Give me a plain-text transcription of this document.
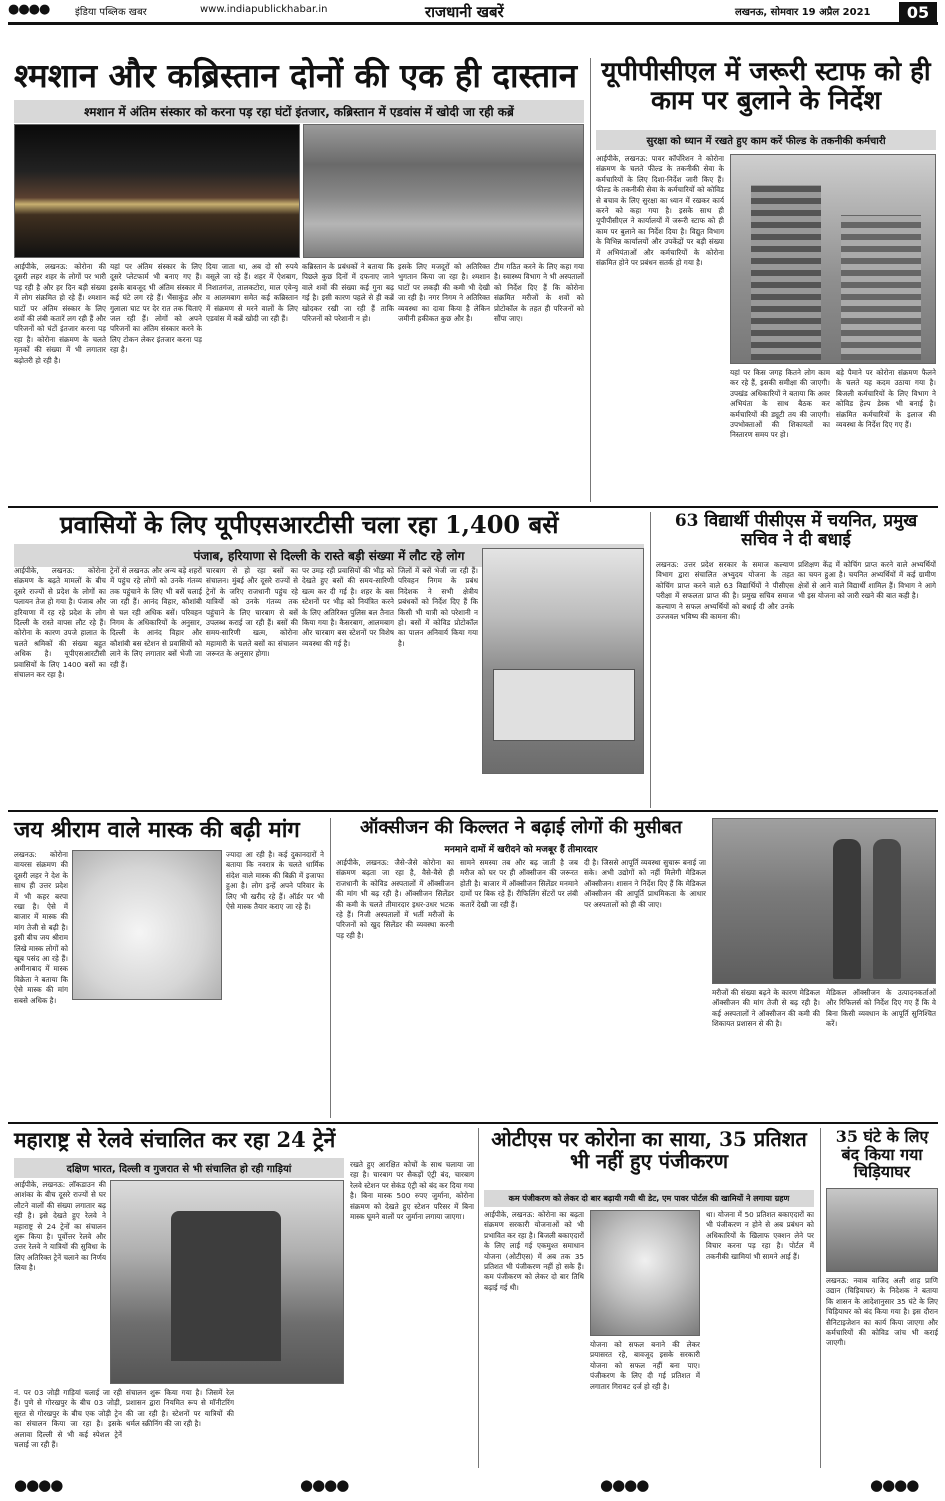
●●●●	इंडिया पब्लिक खबर	www.indiapublickhabar.in	राजधानी खबरें	लखनऊ, सोमवार 19 अप्रैल 2021	05
श्मशान और कब्रिस्तान दोनों की एक ही दास्तान
श्मशान में अंतिम संस्कार को करना पड़ रहा घंटों इंतजार, कब्रिस्तान में एडवांस में खोदी जा रही कब्रें
आईपीके, लखनऊ: कोरोना की दूसरी लहर शहर के लोगों पर भारी पड़ रही है और हर दिन बड़ी संख्या में लोग संक्रमित हो रहे हैं। श्मशान घाटों पर अंतिम संस्कार के लिए शवों की लंबी कतारें लग रही हैं और परिजनों को घंटों इंतजार करना पड़ रहा है। कोरोना संक्रमण के चलते मृतकों की संख्या में भी लगातार बढ़ोतरी हो रही है।
यहां पर अंतिम संस्कार के लिए दूसरे प्लेटफार्म भी बनाए गए हैं। इसके बावजूद भी अंतिम संस्कार में कई घंटे लग रहे हैं। भैंसाकुंड और गुलाला घाट पर देर रात तक चिताएं जल रही हैं। लोगों को अपने परिजनों का अंतिम संस्कार करने के लिए टोकन लेकर इंतजार करना पड़ रहा है।
दिया जाता था, अब दो सौ रुपये वसूले जा रहे हैं। शहर में ऐशबाग, निशातगंज, तालकटोरा, माल एवेन्यू व आलमबाग समेत कई कब्रिस्तान में संक्रमण से मरने वालों के लिए एडवांस में कब्रें खोदी जा रही हैं।
कब्रिस्तान के प्रबंधकों ने बताया कि पिछले कुछ दिनों में दफनाए जाने वाले शवों की संख्या कई गुना बढ़ गई है। इसी कारण पहले से ही कब्रें खोदकर रखी जा रही हैं ताकि परिजनों को परेशानी न हो।
इसके लिए मजदूरों को अतिरिक्त भुगतान किया जा रहा है। श्मशान घाटों पर लकड़ी की कमी भी देखी जा रही है। नगर निगम ने अतिरिक्त व्यवस्था का दावा किया है लेकिन जमीनी हकीकत कुछ और है।
टीम गठित करने के लिए कहा गया है। स्वास्थ्य विभाग ने भी अस्पतालों को निर्देश दिए हैं कि कोरोना संक्रमित मरीजों के शवों को प्रोटोकॉल के तहत ही परिजनों को सौंपा जाए।
यूपीपीसीएल में जरूरी स्टाफ को ही काम पर बुलाने के निर्देश
सुरक्षा को ध्यान में रखते हुए काम करें फील्ड के तकनीकी कर्मचारी
आईपीके, लखनऊ: पावर कॉर्पोरेशन ने कोरोना संक्रमण के चलते फील्ड के तकनीकी सेवा के कर्मचारियों के लिए दिशा-निर्देश जारी किए हैं। फील्ड के तकनीकी सेवा के कर्मचारियों को कोविड से बचाव के लिए सुरक्षा का ध्यान में रखकर कार्य करने को कहा गया है। इसके साथ ही यूपीपीसीएल ने कार्यालयों में जरूरी स्टाफ को ही काम पर बुलाने का निर्देश दिया है। विद्युत विभाग के विभिन्न कार्यालयों और उपकेंद्रों पर बड़ी संख्या में अभियंताओं और कर्मचारियों के कोरोना संक्रमित होने पर प्रबंधन सतर्क हो गया है।
यहां पर किस जगह कितने लोग काम कर रहे हैं, इसकी समीक्षा की जाएगी। उपखंड अधिकारियों ने बताया कि अवर अभियंता के साथ बैठक कर कर्मचारियों की ड्यूटी तय की जाएगी। उपभोक्ताओं की शिकायतों का निस्तारण समय पर हो।
बड़े पैमाने पर कोरोना संक्रमण फैलने के चलते यह कदम उठाया गया है। बिजली कर्मचारियों के लिए विभाग ने कोविड हेल्प डेस्क भी बनाई है। संक्रमित कर्मचारियों के इलाज की व्यवस्था के निर्देश दिए गए हैं।
प्रवासियों के लिए यूपीएसआरटीसी चला रहा 1,400 बसें
पंजाब, हरियाणा से दिल्ली के रास्ते बड़ी संख्या में लौट रहे लोग
आईपीके, लखनऊ: कोरोना संक्रमण के बढ़ते मामलों के बीच दूसरे राज्यों से प्रदेश के लोगों का पलायन तेज हो गया है। पंजाब और हरियाणा में रह रहे प्रदेश के लोग दिल्ली के रास्ते वापस लौट रहे हैं। कोरोना के कारण उपजे हालात के चलते श्रमिकों की संख्या बहुत अधिक है। यूपीएसआरटीसी प्रवासियों के लिए 1400 बसों का संचालन कर रहा है।
ट्रेनों से लखनऊ और अन्य बड़े शहरों में पहुंच रहे लोगों को उनके गंतव्य तक पहुंचाने के लिए भी बसें चलाई जा रही हैं। आनंद विहार, कौशांबी से चल रही अधिक बसें। परिवहन निगम के अधिकारियों के अनुसार, दिल्ली के आनंद विहार और कौशांबी बस स्टेशन से प्रवासियों को लाने के लिए लगातार बसें भेजी जा रही हैं।
चारबाग से हो रहा बसों का संचालन। मुंबई और दूसरे राज्यों से ट्रेनों के जरिए राजधानी पहुंच रहे यात्रियों को उनके गंतव्य तक पहुंचाने के लिए चारबाग से बसें उपलब्ध कराई जा रही हैं। बसों की समय-सारिणी खत्म, कोरोना महामारी के चलते बसों का संचालन जरूरत के अनुसार होगा।
पर उमड़ रही प्रवासियों की भीड़ को देखते हुए बसों की समय-सारिणी खत्म कर दी गई है। शहर के बस स्टेशनों पर भीड़ को नियंत्रित करने के लिए अतिरिक्त पुलिस बल तैनात किया गया है। कैसरबाग, आलमबाग और चारबाग बस स्टेशनों पर विशेष व्यवस्था की गई है।
जिलों में बसें भेजी जा रही हैं। परिवहन निगम के प्रबंध निदेशक ने सभी क्षेत्रीय प्रबंधकों को निर्देश दिए हैं कि किसी भी यात्री को परेशानी न हो। बसों में कोविड प्रोटोकॉल का पालन अनिवार्य किया गया है।
63 विद्यार्थी पीसीएस में चयनित, प्रमुख सचिव ने दी बधाई
लखनऊ: उत्तर प्रदेश सरकार के समाज कल्याण विभाग द्वारा संचालित अभ्युदय योजना के तहत कोचिंग प्राप्त करने वाले 63 विद्यार्थियों ने पीसीएस परीक्षा में सफलता प्राप्त की है। प्रमुख सचिव समाज कल्याण ने सफल अभ्यर्थियों को बधाई दी और उनके उज्जवल भविष्य की कामना की।
प्रशिक्षण केंद्र में कोचिंग प्राप्त करने वाले अभ्यर्थियों का चयन हुआ है। चयनित अभ्यर्थियों में कई ग्रामीण क्षेत्रों से आने वाले विद्यार्थी शामिल हैं। विभाग ने आगे भी इस योजना को जारी रखने की बात कही है।
जय श्रीराम वाले मास्क की बढ़ी मांग
लखनऊ: कोरोना वायरस संक्रमण की दूसरी लहर ने देश के साथ ही उत्तर प्रदेश में भी कहर बरपा रखा है। ऐसे में बाजार में मास्क की मांग तेजी से बढ़ी है। इसी बीच जय श्रीराम लिखे मास्क लोगों को खूब पसंद आ रहे हैं। अमीनाबाद में मास्क विक्रेता ने बताया कि ऐसे मास्क की मांग सबसे अधिक है।
ज्यादा आ रही है। कई दुकानदारों ने बताया कि नवरात्र के चलते धार्मिक संदेश वाले मास्क की बिक्री में इजाफा हुआ है। लोग इन्हें अपने परिवार के लिए भी खरीद रहे हैं। ऑर्डर पर भी ऐसे मास्क तैयार कराए जा रहे हैं।
ऑक्सीजन की किल्लत ने बढ़ाई लोगों की मुसीबत
मनमाने दामों में खरीदने को मजबूर हैं तीमारदार
आईपीके, लखनऊ: जैसे-जैसे कोरोना का संक्रमण बढ़ता जा रहा है, वैसे-वैसे ही राजधानी के कोविड अस्पतालों में ऑक्सीजन की मांग भी बढ़ रही है। ऑक्सीजन सिलेंडर की कमी के चलते तीमारदार इधर-उधर भटक रहे हैं। निजी अस्पतालों में भर्ती मरीजों के परिजनों को खुद सिलेंडर की व्यवस्था करनी पड़ रही है।
सामने समस्या तब और बढ़ जाती है जब मरीज को घर पर ही ऑक्सीजन की जरूरत होती है। बाजार में ऑक्सीजन सिलेंडर मनमाने दामों पर बिक रहे हैं। रीफिलिंग सेंटरों पर लंबी कतारें देखी जा रही हैं।
दी है। जिससे आपूर्ति व्यवस्था सुचारू बनाई जा सके। अभी उद्योगों को नहीं मिलेगी मेडिकल ऑक्सीजन। शासन ने निर्देश दिए हैं कि मेडिकल ऑक्सीजन की आपूर्ति प्राथमिकता के आधार पर अस्पतालों को ही की जाए।
मरीजों की संख्या बढ़ने के कारण मेडिकल ऑक्सीजन की मांग तेजी से बढ़ रही है। कई अस्पतालों ने ऑक्सीजन की कमी की शिकायत प्रशासन से की है।
मेडिकल ऑक्सीजन के उत्पादनकर्ताओं और रिफिलर्स को निर्देश दिए गए हैं कि वे बिना किसी व्यवधान के आपूर्ति सुनिश्चित करें।
महाराष्ट्र से रेलवे संचालित कर रहा 24 ट्रेनें
दक्षिण भारत, दिल्ली व गुजरात से भी संचालित हो रही गाड़ियां
आईपीके, लखनऊ: लॉकडाउन की आशंका के बीच दूसरे राज्यों से घर लौटने वालों की संख्या लगातार बढ़ रही है। इसे देखते हुए रेलवे ने महाराष्ट्र से 24 ट्रेनों का संचालन शुरू किया है। पूर्वोत्तर रेलवे और उत्तर रेलवे ने यात्रियों की सुविधा के लिए अतिरिक्त ट्रेनें चलाने का निर्णय लिया है।
नं. पर 03 जोड़ी गाड़ियां चलाई जा रही हैं। पुणे से गोरखपुर के बीच 03 जोड़ी, सूरत से गोरखपुर के बीच एक जोड़ी ट्रेन का संचालन किया जा रहा है। इसके अलावा दिल्ली से भी कई स्पेशल ट्रेनें चलाई जा रही हैं।
संचालन शुरू किया गया है। जिसमें रेल प्रशासन द्वारा नियमित रूप से मॉनीटरिंग की जा रही है। स्टेशनों पर यात्रियों की थर्मल स्क्रीनिंग की जा रही है।
रखते हुए आरक्षित कोचों के साथ चलाया जा रहा है। चारबाग पर सैकड़ों एंट्री बंद, चारबाग रेलवे स्टेशन पर सेकंड एंट्री को बंद कर दिया गया है। बिना मास्क 500 रुपए जुर्माना, कोरोना संक्रमण को देखते हुए स्टेशन परिसर में बिना मास्क घूमने वालों पर जुर्माना लगाया जाएगा।
ओटीएस पर कोरोना का साया, 35 प्रतिशत भी नहीं हुए पंजीकरण
कम पंजीकरण को लेकर दो बार बढ़ायी गयी थी डेट, एम पावर पोर्टल की खामियों ने लगाया ग्रहण
आईपीके, लखनऊ: कोरोना का बढ़ता संक्रमण सरकारी योजनाओं को भी प्रभावित कर रहा है। बिजली बकाएदारों के लिए लाई गई एकमुश्त समाधान योजना (ओटीएस) में अब तक 35 प्रतिशत भी पंजीकरण नहीं हो सके हैं। कम पंजीकरण को लेकर दो बार तिथि बढ़ाई गई थी।
योजना को सफल बनाने की लेकर प्रयासरत रहे, बावजूद इसके सरकारी योजना को सफल नहीं बना पाए। पंजीकरण के लिए दी गई प्रतिशत में लगातार गिरावट दर्ज हो रही है।
था। योजना में 50 प्रतिशत बकाएदारों का भी पंजीकरण न होने से अब प्रबंधन को अधिकारियों के खिलाफ एक्शन लेने पर विचार करना पड़ रहा है। पोर्टल में तकनीकी खामियां भी सामने आई हैं।
35 घंटे के लिए बंद किया गया चिड़ियाघर
लखनऊ: नवाब वाजिद अली शाह प्राणि उद्यान (चिड़ियाघर) के निदेशक ने बताया कि शासन के आदेशानुसार 35 घंटे के लिए चिड़ियाघर को बंद किया गया है। इस दौरान सैनिटाइजेशन का कार्य किया जाएगा और कर्मचारियों की कोविड जांच भी कराई जाएगी।
●●●●	●●●●	●●●●	●●●●
